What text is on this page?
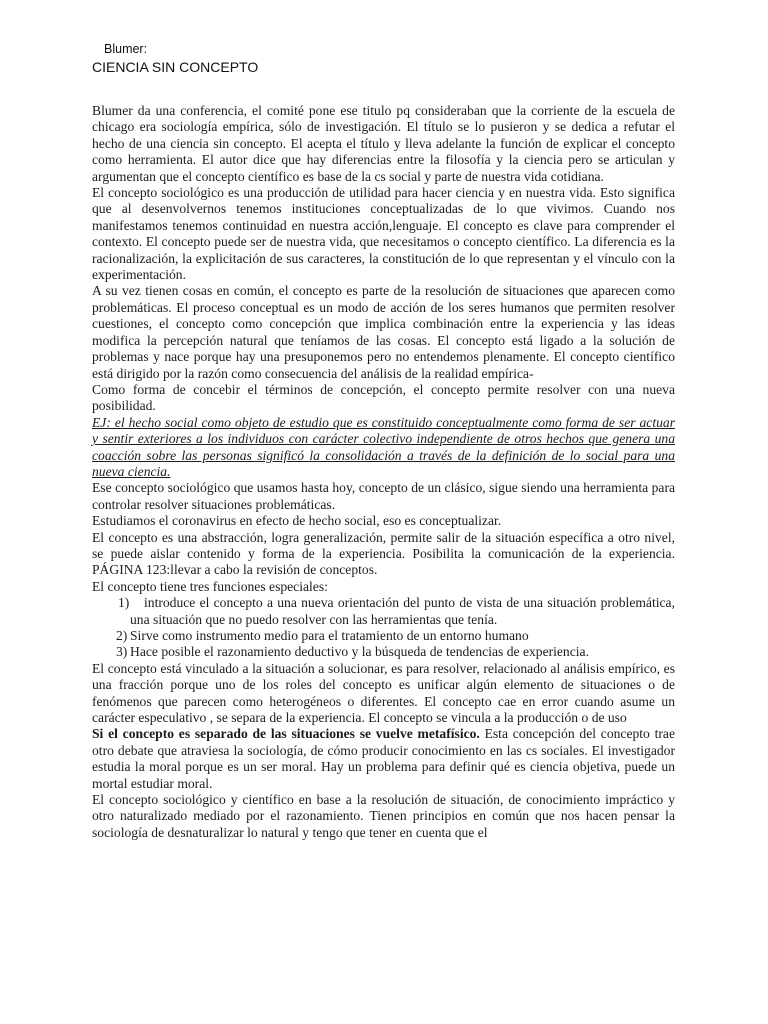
Blumer:
CIENCIA SIN CONCEPTO

Blumer da una conferencia, el comité pone ese titulo pq consideraban que la corriente de la escuela de chicago era sociología empírica, sólo de investigación. El título se lo pusieron y se dedica a refutar el hecho de una ciencia sin concepto. El acepta el título y lleva adelante la función de explicar el concepto como herramienta. El autor dice que hay diferencias entre la filosofía y la ciencia pero se articulan y argumentan que el concepto científico es base de la cs social y parte de nuestra vida cotidiana.

El concepto sociológico es una producción de utilidad para hacer ciencia y en nuestra vida. Esto significa que al desenvolvernos tenemos instituciones conceptualizadas de lo que vivimos. Cuando nos manifestamos tenemos continuidad en nuestra acción,lenguaje. El concepto es clave para comprender el contexto. El concepto puede ser de nuestra vida, que necesitamos o concepto científico. La diferencia es la racionalización, la explicitación de sus caracteres, la constitución de lo que representan y el vínculo con la experimentación.

A su vez tienen cosas en común, el concepto es parte de la resolución de situaciones que aparecen como problemáticas. El proceso conceptual es un modo de acción de los seres humanos que permiten resolver cuestiones, el concepto como concepción que implica combinación entre la experiencia y las ideas modifica la percepción natural que teníamos de las cosas. El concepto está ligado a la solución de problemas y nace porque hay una presuponemos pero no entendemos plenamente. El concepto científico está dirigido por la razón como consecuencia del análisis de la realidad empírica-

Como forma de concebir el términos de concepción, el concepto permite resolver con una nueva posibilidad.

EJ: el hecho social como objeto de estudio que es constituido conceptualmente como forma de ser actuar y sentir exteriores a los individuos con carácter colectivo independiente de otros hechos que genera una coacción sobre las personas significó la consolidación a través de la definición de lo social para una nueva ciencia.

Ese concepto sociológico que usamos hasta hoy, concepto de un clásico, sigue siendo una herramienta para controlar resolver situaciones problemáticas.

Estudiamos el coronavirus en efecto de hecho social, eso es conceptualizar.

El concepto es una abstracción, logra generalización, permite salir de la situación específica a otro nivel, se puede aislar contenido y forma de la experiencia. Posibilita la comunicación de la experiencia. PÁGINA 123:llevar a cabo la revisión de conceptos.

El concepto tiene tres funciones especiales:

1) introduce el concepto a una nueva orientación del punto de vista de una situación problemática, una situación que no puedo resolver con las herramientas que tenía.
2) Sirve como instrumento medio para el tratamiento de un entorno humano
3) Hace posible el razonamiento deductivo y la búsqueda de tendencias de experiencia.

El concepto está vinculado a la situación a solucionar, es para resolver, relacionado al análisis empírico, es una fracción porque uno de los roles del concepto es unificar algún elemento de situaciones o de fenómenos que parecen como heterogéneos o diferentes. El concepto cae en error cuando asume un carácter especulativo , se separa de la experiencia. El concepto se vincula a la producción o de uso

Si el concepto es separado de las situaciones se vuelve metafísico. Esta concepción del concepto trae otro debate que atraviesa la sociología, de cómo producir conocimiento en las cs sociales. El investigador estudia la moral porque es un ser moral. Hay un problema para definir qué es ciencia objetiva, puede un mortal estudiar moral.

El concepto sociológico y científico en base a la resolución de situación, de conocimiento impráctico y otro naturalizado mediado por el razonamiento. Tienen principios en común que nos hacen pensar la sociología de desnaturalizar lo natural y tengo que tener en cuenta que el
